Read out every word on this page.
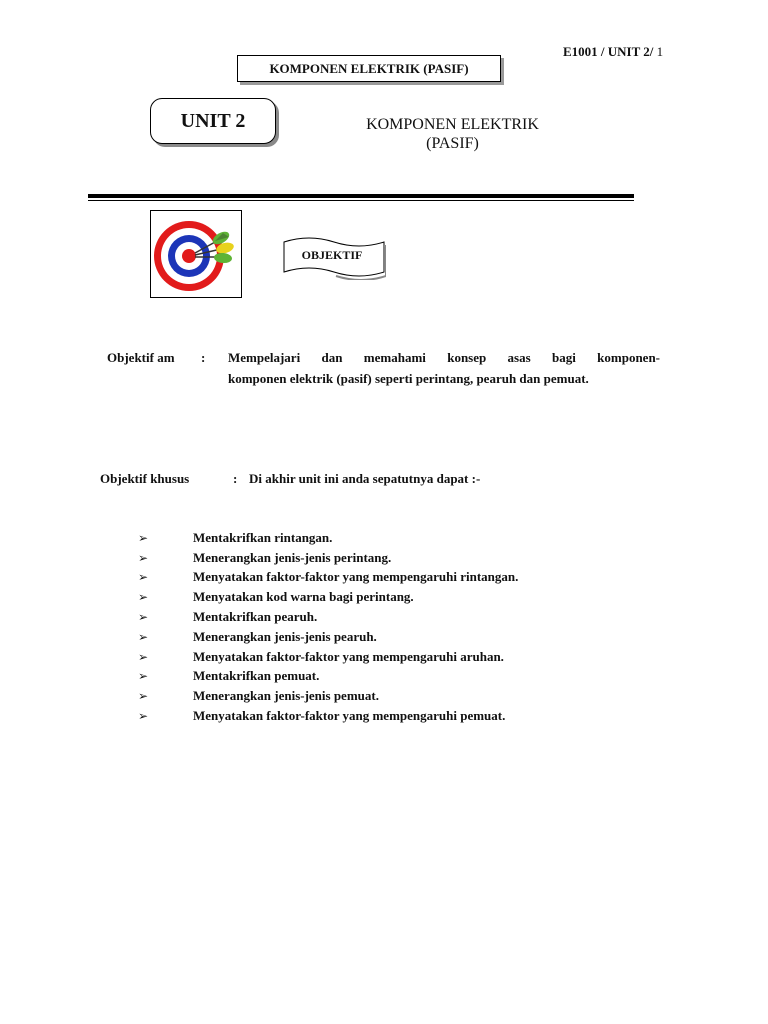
E1001 / UNIT 2/ 1
KOMPONEN ELEKTRIK (PASIF)
UNIT 2	KOMPONEN ELEKTRIK
(PASIF)
OBJEKTIF
Objektif am : Mempelajari dan memahami konsep asas bagi komponen-
komponen elektrik (pasif) seperti perintang, pearuh dan pemuat.
Objektif khusus	: Di akhir unit ini anda sepatutnya dapat :-
➢	Mentakrifkan rintangan.
➢	Menerangkan jenis-jenis perintang.
➢	Menyatakan faktor-faktor yang mempengaruhi rintangan.
➢	Menyatakan kod warna bagi perintang.
➢	Mentakrifkan pearuh.
➢	Menerangkan jenis-jenis pearuh.
➢	Menyatakan faktor-faktor yang mempengaruhi aruhan.
➢	Mentakrifkan pemuat.
➢	Menerangkan jenis-jenis pemuat.
➢	Menyatakan faktor-faktor yang mempengaruhi pemuat.
